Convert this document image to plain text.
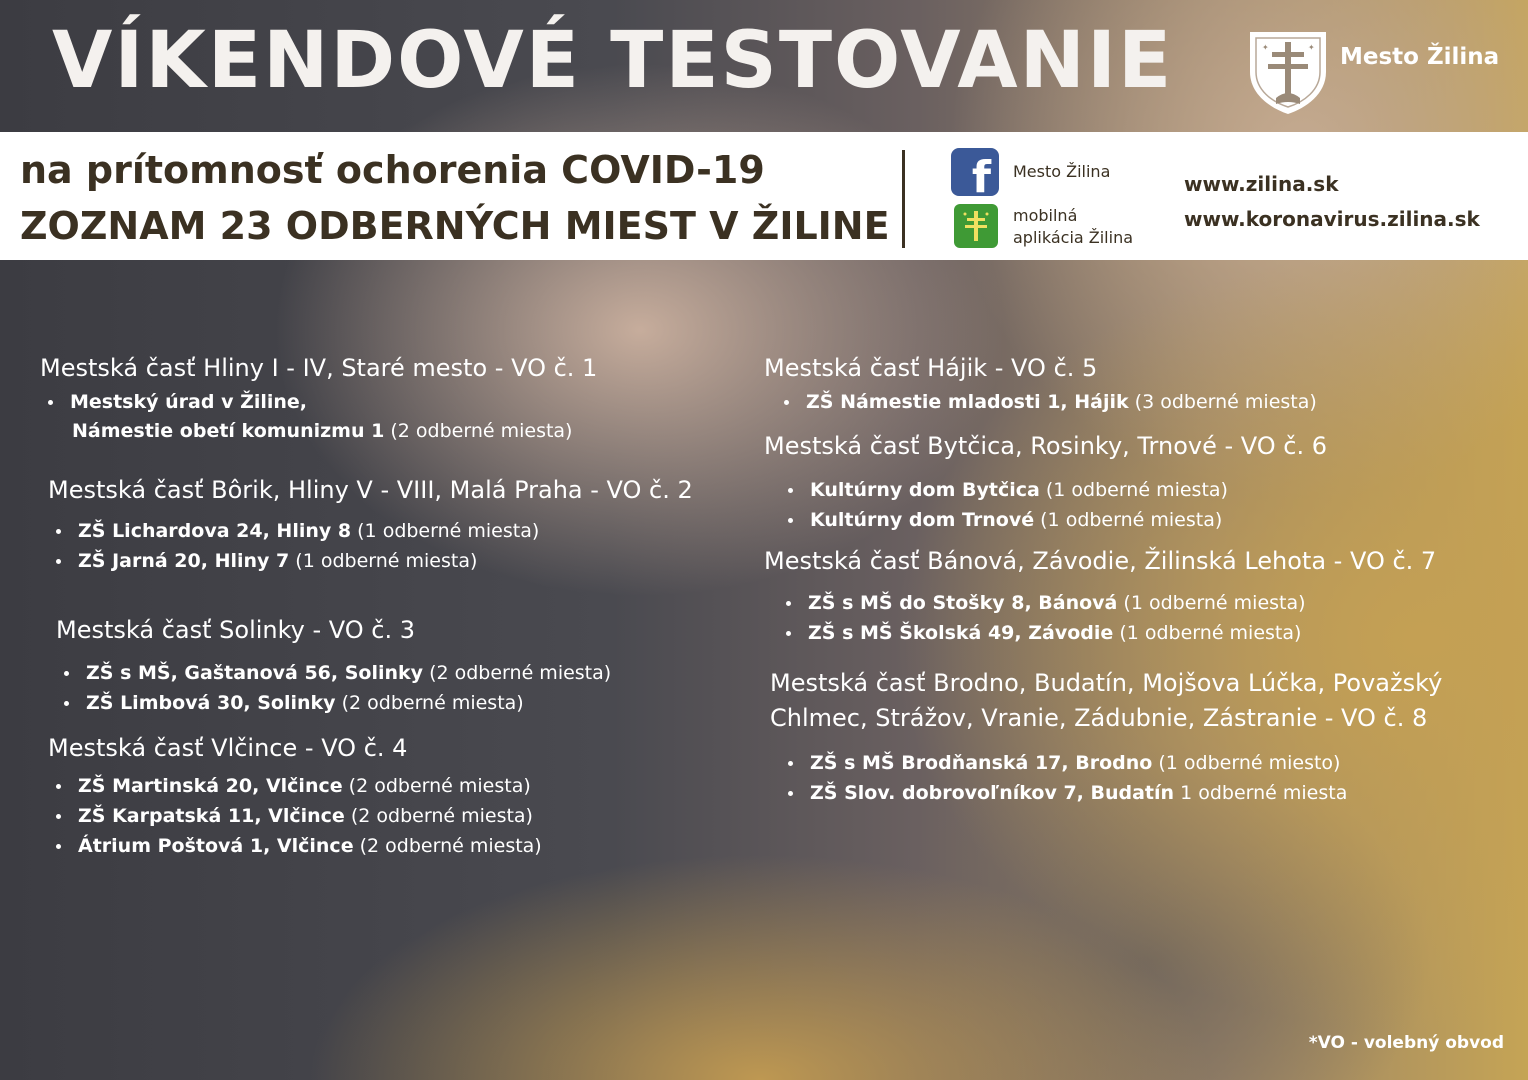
VÍKENDOVÉ TESTOVANIE	✦	✦ Mesto Žilina
na prítomnosť ochorenia COVID-19
ZOZNAM 23 ODBERNÝCH MIEST V ŽILINE
f Mesto Žilina
mobilná
aplikácia Žilina
www.zilina.sk
www.koronavirus.zilina.sk
Mestská časť Hliny I - IV, Staré mesto - VO č. 1
Mestský úrad v Žiline,
Námestie obetí komunizmu 1 (2 odberné miesta)
Mestská časť Bôrik, Hliny V - VIII, Malá Praha - VO č. 2
ZŠ Lichardova 24, Hliny 8 (1 odberné miesta)
ZŠ Jarná 20, Hliny 7 (1 odberné miesta)
Mestská časť Solinky - VO č. 3
ZŠ s MŠ, Gaštanová 56, Solinky (2 odberné miesta)
ZŠ Limbová 30, Solinky (2 odberné miesta)
Mestská časť Vlčince - VO č. 4
ZŠ Martinská 20, Vlčince (2 odberné miesta)
ZŠ Karpatská 11, Vlčince (2 odberné miesta)
Átrium Poštová 1, Vlčince (2 odberné miesta)
Mestská časť Hájik - VO č. 5
ZŠ Námestie mladosti 1, Hájik (3 odberné miesta)
Mestská časť Bytčica, Rosinky, Trnové - VO č. 6
Kultúrny dom Bytčica (1 odberné miesta)
Kultúrny dom Trnové (1 odberné miesta)
Mestská časť Bánová, Závodie, Žilinská Lehota - VO č. 7
ZŠ s MŠ do Stošky 8, Bánová (1 odberné miesta)
ZŠ s MŠ Školská 49, Závodie (1 odberné miesta)
Mestská časť Brodno, Budatín, Mojšova Lúčka, Považský Chlmec, Strážov, Vranie, Zádubnie, Zástranie - VO č. 8
ZŠ s MŠ Brodňanská 17, Brodno (1 odberné miesto)
ZŠ Slov. dobrovoľníkov 7, Budatín 1 odberné miesta
*VO - volebný obvod
